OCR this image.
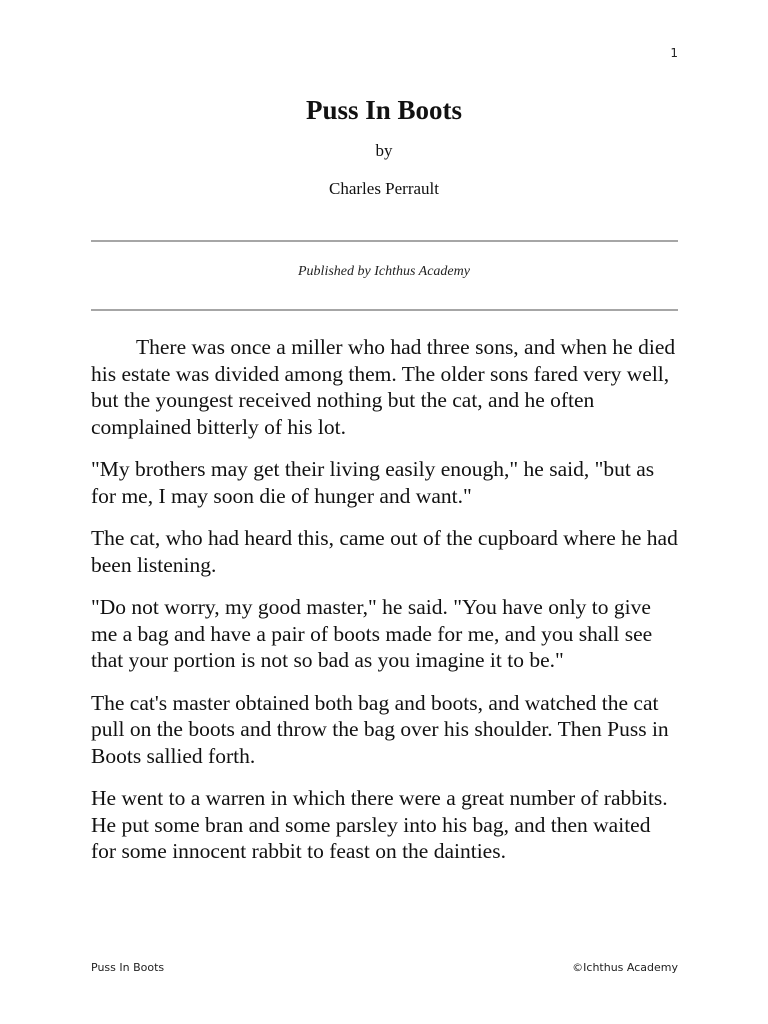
1
Puss In Boots

by

Charles Perrault

Published by Ichthus Academy

There was once a miller who had three sons, and when he died his estate was divided among them. The older sons fared very well, but the youngest received nothing but the cat, and he often complained bitterly of his lot.

"My brothers may get their living easily enough," he said, "but as for me, I may soon die of hunger and want."

The cat, who had heard this, came out of the cupboard where he had been listening.

"Do not worry, my good master," he said. "You have only to give me a bag and have a pair of boots made for me, and you shall see that your portion is not so bad as you imagine it to be."

The cat's master obtained both bag and boots, and watched the cat pull on the boots and throw the bag over his shoulder. Then Puss in Boots sallied forth.

He went to a warren in which there were a great number of rabbits. He put some bran and some parsley into his bag, and then waited for some innocent rabbit to feast on the dainties.

Puss In Boots	©Ichthus Academy
